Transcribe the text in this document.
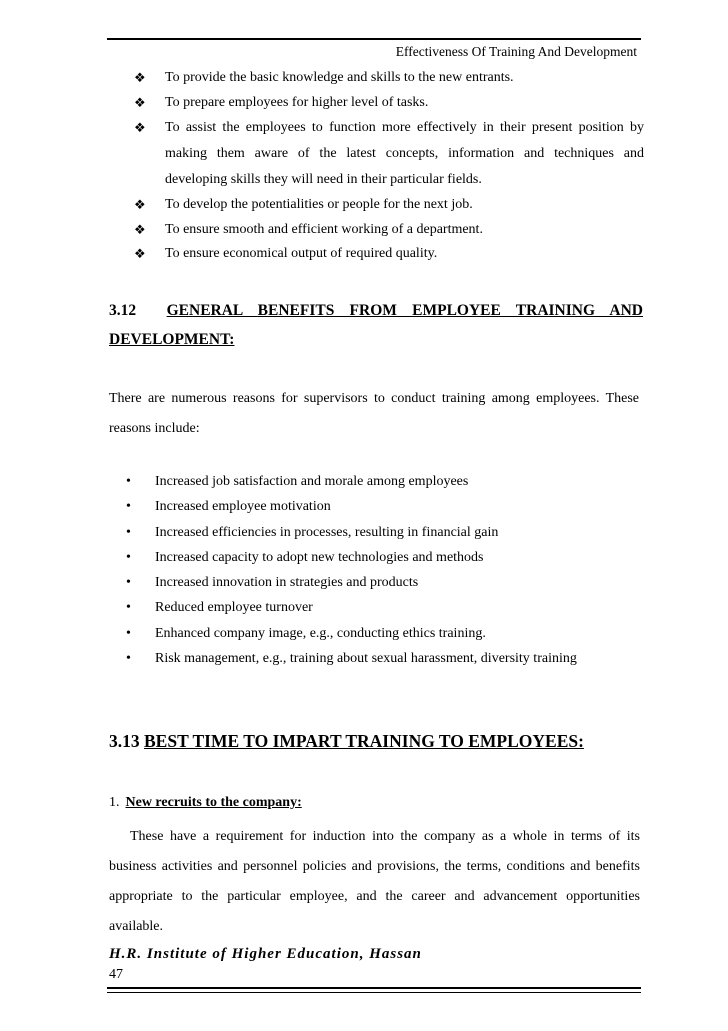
Effectiveness Of Training And Development
❖ To provide the basic knowledge and skills to the new entrants.
❖ To prepare employees for higher level of tasks.
❖ To assist the employees to function more effectively in their present position by making them aware of the latest concepts, information and techniques and developing skills they will need in their particular fields.
❖ To develop the potentialities or people for the next job.
❖ To ensure smooth and efficient working of a department.
❖ To ensure economical output of required quality.
3.12 GENERAL BENEFITS FROM EMPLOYEE TRAINING AND
DEVELOPMENT:
There are numerous reasons for supervisors to conduct training among employees. These reasons include:
• Increased job satisfaction and morale among employees
• Increased employee motivation
• Increased efficiencies in processes, resulting in financial gain
• Increased capacity to adopt new technologies and methods
• Increased innovation in strategies and products
• Reduced employee turnover
• Enhanced company image, e.g., conducting ethics training.
• Risk management, e.g., training about sexual harassment, diversity training
3.13 BEST TIME TO IMPART TRAINING TO EMPLOYEES:
1. New recruits to the company:
These have a requirement for induction into the company as a whole in terms of its business activities and personnel policies and provisions, the terms, conditions and benefits appropriate to the particular employee, and the career and advancement opportunities available.
H.R. Institute of Higher Education, Hassan
47
